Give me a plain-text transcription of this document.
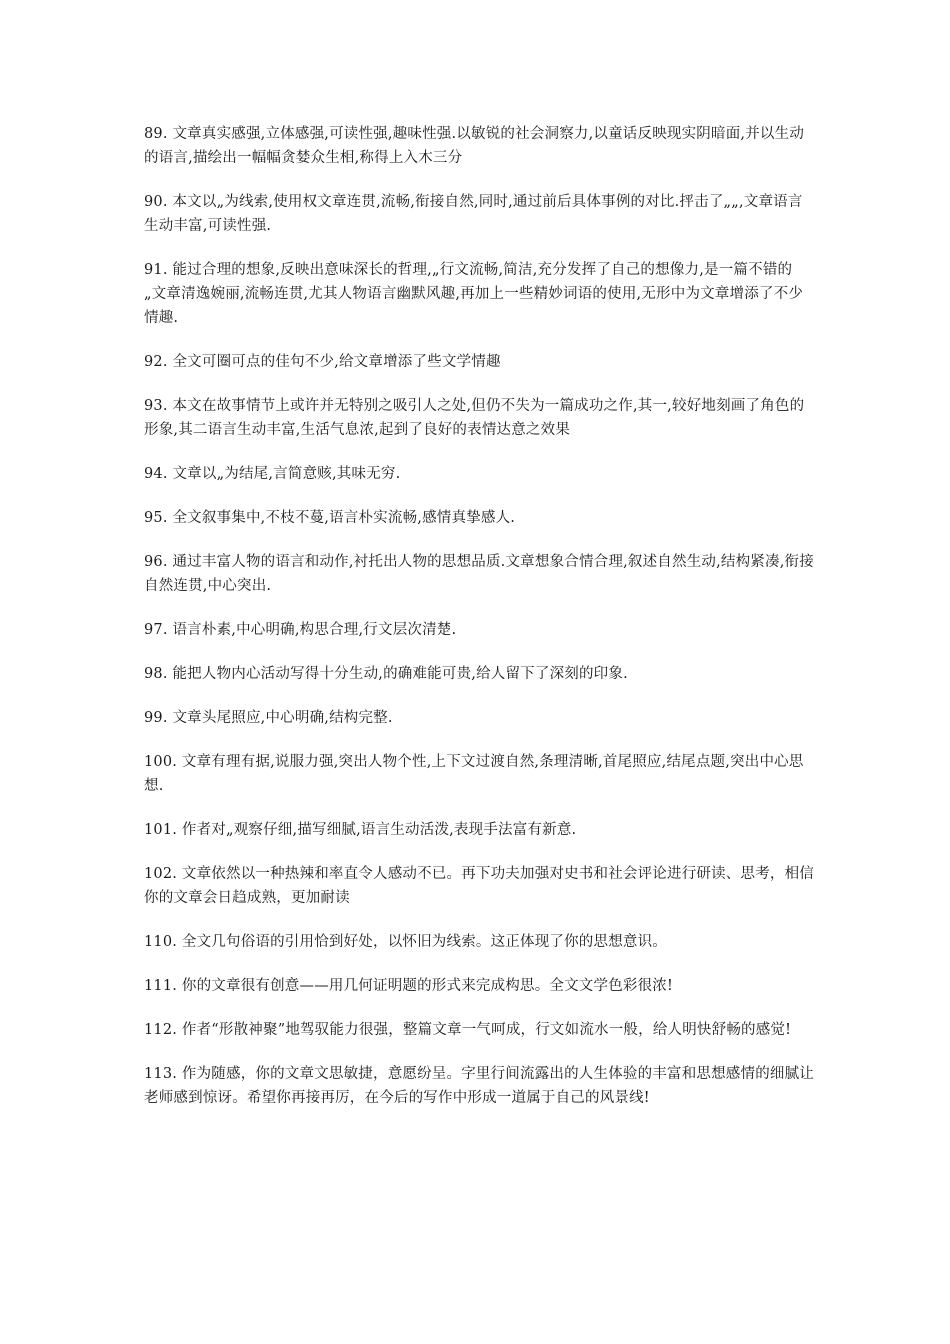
89. 文章真实感强,立体感强,可读性强,趣味性强.以敏锐的社会洞察力,以童话反映现实阴暗面,并以生动的语言,描绘出一幅幅贪婪众生相,称得上入木三分

90. 本文以„为线索,使用权文章连贯,流畅,衔接自然,同时,通过前后具体事例的对比.抨击了„„,文章语言生动丰富,可读性强.

91. 能过合理的想象,反映出意味深长的哲理,„行文流畅,简洁,充分发挥了自己的想像力,是一篇不错的„文章清逸婉丽,流畅连贯,尤其人物语言幽默风趣,再加上一些精妙词语的使用,无形中为文章增添了不少情趣.

92. 全文可圈可点的佳句不少,给文章增添了些文学情趣

93. 本文在故事情节上或许并无特别之吸引人之处,但仍不失为一篇成功之作,其一,较好地刻画了角色的形象,其二语言生动丰富,生活气息浓,起到了良好的表情达意之效果

94. 文章以„为结尾,言简意赅,其味无穷.

95. 全文叙事集中,不枝不蔓,语言朴实流畅,感情真挚感人.

96. 通过丰富人物的语言和动作,衬托出人物的思想品质.文章想象合情合理,叙述自然生动,结构紧凑,衔接自然连贯,中心突出.

97. 语言朴素,中心明确,构思合理,行文层次清楚.

98. 能把人物内心活动写得十分生动,的确难能可贵,给人留下了深刻的印象.

99. 文章头尾照应,中心明确,结构完整.

100. 文章有理有据,说服力强,突出人物个性,上下文过渡自然,条理清晰,首尾照应,结尾点题,突出中心思想.

101. 作者对„观察仔细,描写细腻,语言生动活泼,表现手法富有新意.

102. 文章依然以一种热辣和率直令人感动不已。再下功夫加强对史书和社会评论进行研读、思考，相信你的文章会日趋成熟，更加耐读

110. 全文几句俗语的引用恰到好处，以怀旧为线索。这正体现了你的思想意识。

111. 你的文章很有创意——用几何证明题的形式来完成构思。全文文学色彩很浓!

112. 作者“形散神聚”地驾驭能力很强，整篇文章一气呵成，行文如流水一般，给人明快舒畅的感觉!

113. 作为随感，你的文章文思敏捷，意愿纷呈。字里行间流露出的人生体验的丰富和思想感情的细腻让老师感到惊讶。希望你再接再厉，在今后的写作中形成一道属于自己的风景线!
